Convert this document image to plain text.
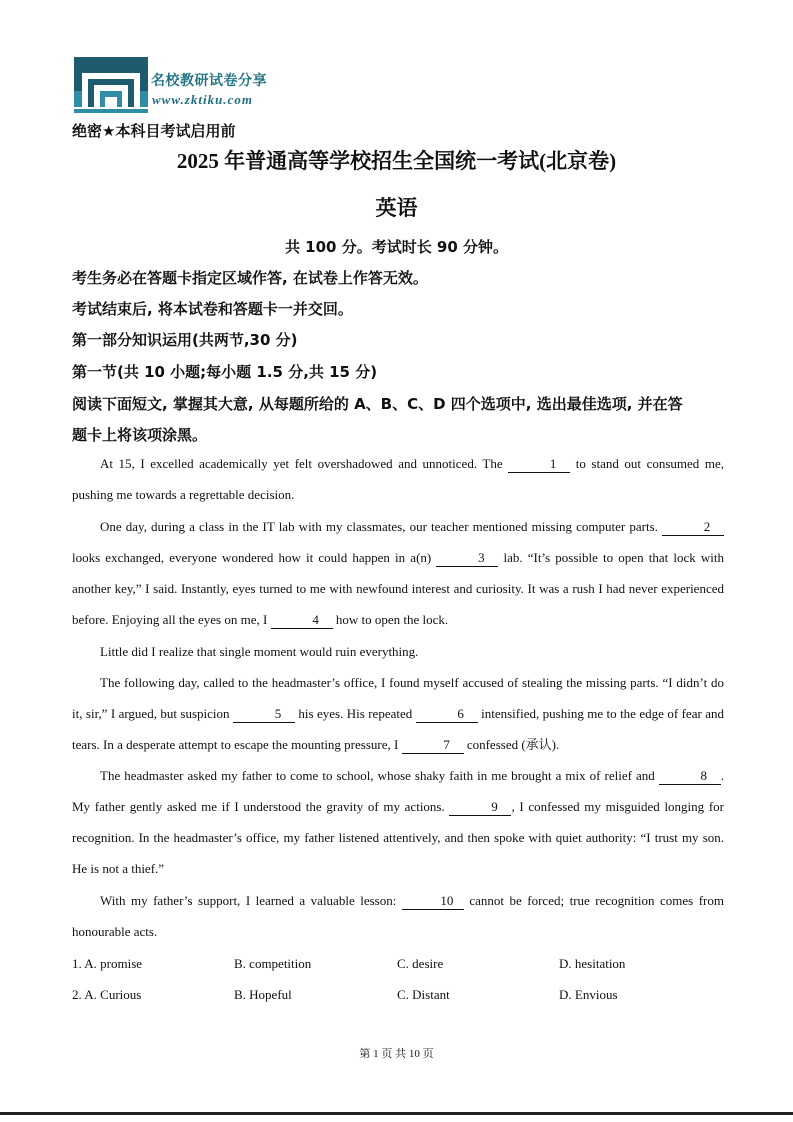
名校教研试卷分享
www.zktiku.com
绝密★本科目考试启用前
2025 年普通高等学校招生全国统一考试(北京卷)
英语
共 100 分。考试时长 90 分钟。
考生务必在答题卡指定区域作答, 在试卷上作答无效。
考试结束后, 将本试卷和答题卡一并交回。
第一部分知识运用(共两节,30 分)
第一节(共 10 小题;每小题 1.5 分,共 15 分)
阅读下面短文, 掌握其大意, 从每题所给的 A、B、C、D 四个选项中, 选出最佳选项, 并在答
题卡上将该项涂黑。

At 15, I excelled academically yet felt overshadowed and unnoticed. The	1 to stand out consumed me, pushing me towards a regrettable decision.

One day, during a class in the IT lab with my classmates, our teacher mentioned missing computer parts.	2 looks exchanged, everyone wondered how it could happen in a(n)	3 lab. “It’s possible to open that lock with another key,” I said. Instantly, eyes turned to me with newfound interest and curiosity. It was a rush I had never experienced before. Enjoying all the eyes on me, I	4 how to open the lock.

Little did I realize that single moment would ruin everything.

The following day, called to the headmaster’s office, I found myself accused of stealing the missing parts. “I didn’t do it, sir,” I argued, but suspicion	5 his eyes. His repeated	6 intensified, pushing me to the edge of fear and tears. In a desperate attempt to escape the mounting pressure, I	7 confessed (承认).

The headmaster asked my father to come to school, whose shaky faith in me brought a mix of relief and	8 . My father gently asked me if I understood the gravity of my actions.	9 , I confessed my misguided longing for recognition. In the headmaster’s office, my father listened attentively, and then spoke with quiet authority: “I trust my son. He is not a thief.”

With my father’s support, I learned a valuable lesson:	10 cannot be forced; true recognition comes from honourable acts.

1. A. promise	B. competition	C. desire	D. hesitation
2. A. Curious	B. Hopeful	C. Distant	D. Envious
第 1 页 共 10 页
